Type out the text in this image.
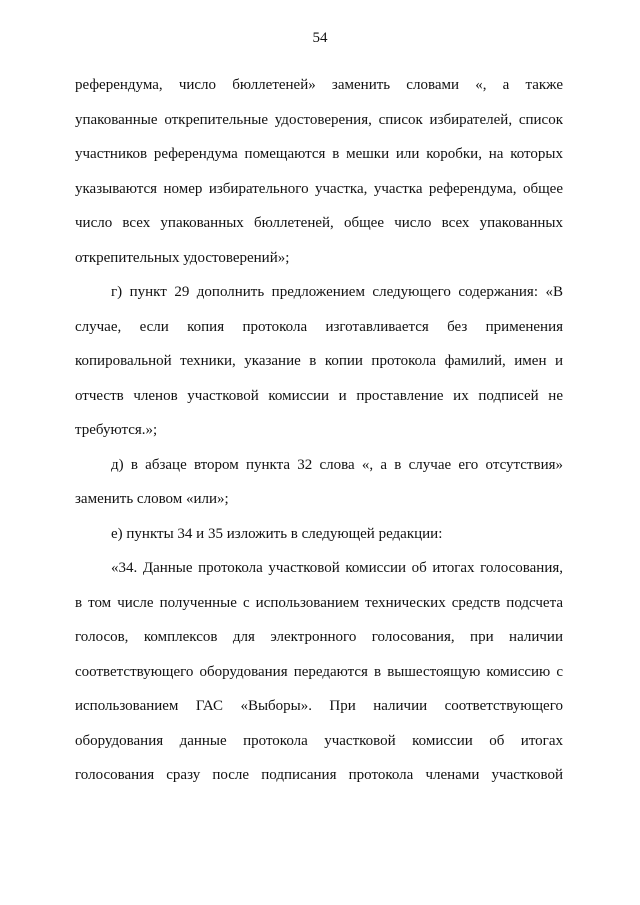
54
референдума, число бюллетеней» заменить словами «, а также
упакованные открепительные удостоверения, список избирателей, список
участников референдума помещаются в мешки или коробки, на которых
указываются номер избирательного участка, участка референдума, общее
число всех упакованных бюллетеней, общее число всех упакованных
открепительных удостоверений»;
г) пункт 29 дополнить предложением следующего содержания: «В
случае, если копия протокола изготавливается без применения
копировальной техники, указание в копии протокола фамилий, имен и
отчеств членов участковой комиссии и проставление их подписей не
требуются.»;
д) в абзаце втором пункта 32 слова «, а в случае его отсутствия»
заменить словом «или»;
е) пункты 34 и 35 изложить в следующей редакции:
«34. Данные протокола участковой комиссии об итогах голосования,
в том числе полученные с использованием технических средств подсчета
голосов, комплексов для электронного голосования, при наличии
соответствующего оборудования передаются в вышестоящую комиссию с
использованием ГАС «Выборы». При наличии соответствующего
оборудования данные протокола участковой комиссии об итогах
голосования сразу после подписания протокола членами участковой
